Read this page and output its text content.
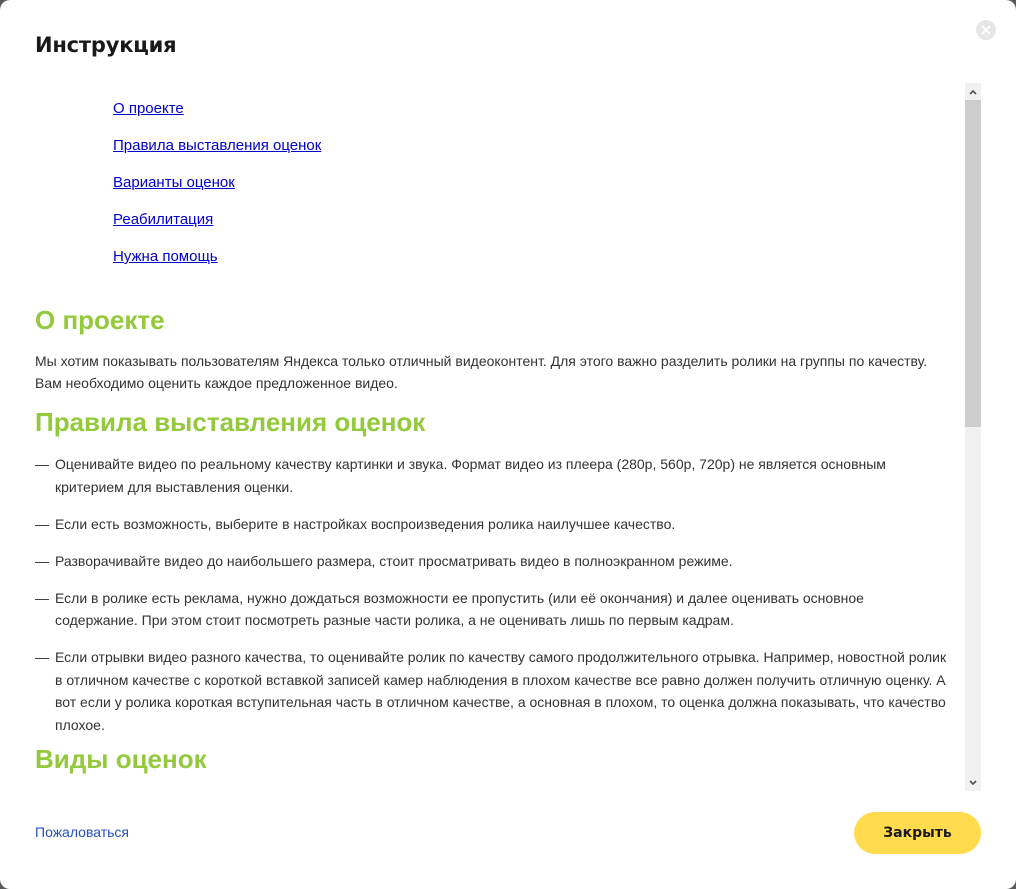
Инструкция
О проекте
Правила выставления оценок
Варианты оценок
Реабилитация
Нужна помощь
О проекте

Мы хотим показывать пользователям Яндекса только отличный видеоконтент. Для этого важно разделить ролики на группы по качеству. Вам необходимо оценить каждое предложенное видео.

Правила выставления оценок
— Оценивайте видео по реальному качеству картинки и звука. Формат видео из плеера (280p, 560p, 720p) не является основным критерием для выставления оценки.
— Если есть возможность, выберите в настройках воспроизведения ролика наилучшее качество.
— Разворачивайте видео до наибольшего размера, стоит просматривать видео в полноэкранном режиме.
— Если в ролике есть реклама, нужно дождаться возможности ее пропустить (или её окончания) и далее оценивать основное содержание. При этом стоит посмотреть разные части ролика, а не оценивать лишь по первым кадрам.
— Если отрывки видео разного качества, то оценивайте ролик по качеству самого продолжительного отрывка. Например, новостной ролик в отличном качестве с короткой вставкой записей камер наблюдения в плохом качестве все равно должен получить отличную оценку. А вот если у ролика короткая вступительная часть в отличном качестве, а основная в плохом, то оценка должна показывать, что качество плохое.
Виды оценок
Пожаловаться	Закрыть
